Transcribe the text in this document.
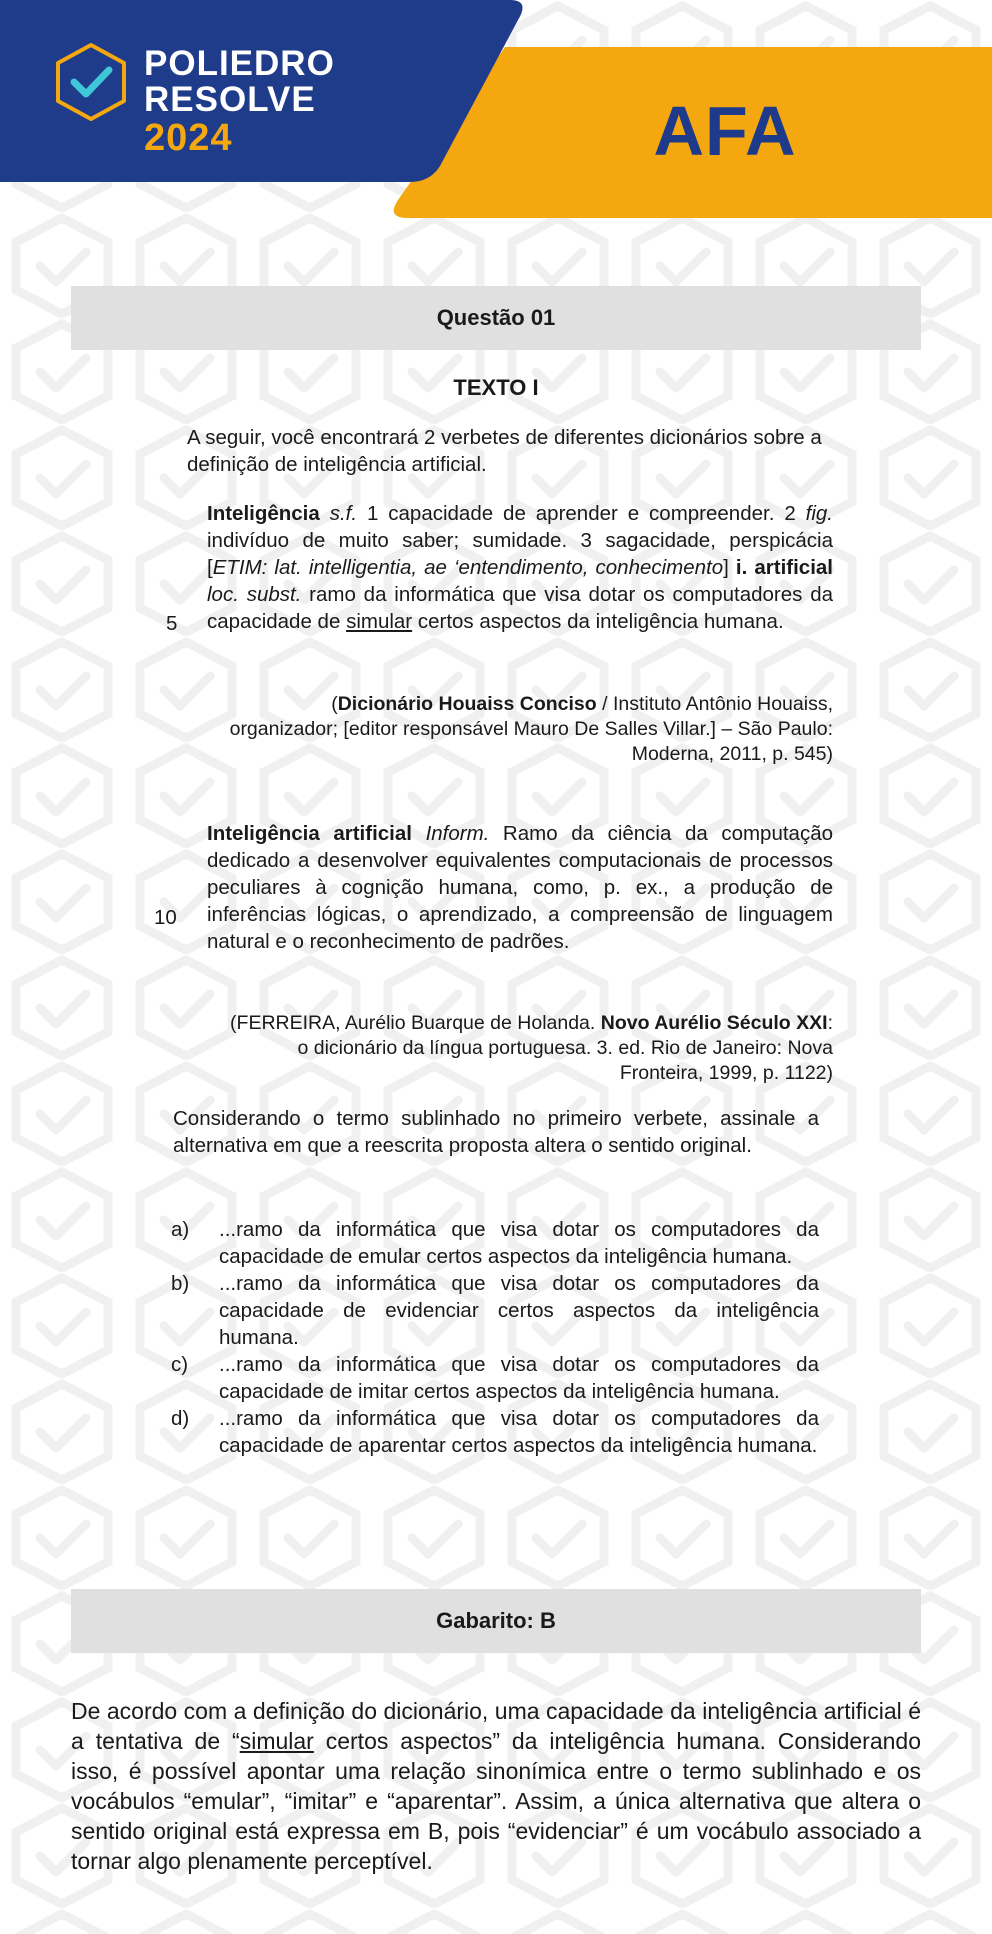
POLIEDRO
RESOLVE
2024	AFA
Questão 01
TEXTO I
A seguir, você encontrará 2 verbetes de diferentes dicionários sobre a definição de inteligência artificial.
Inteligência s.f. 1 capacidade de aprender e compreender. 2 fig. indivíduo de muito saber; sumidade. 3 sagacidade, perspicácia [ETIM: lat. intelligentia, ae ‘entendimento, conhecimento] i. artificial loc. subst. ramo da informática que visa dotar os computadores da capacidade de simular certos aspectos da inteligência humana.
5
(Dicionário Houaiss Conciso / Instituto Antônio Houaiss, organizador; [editor responsável Mauro De Salles Villar.] – São Paulo: Moderna, 2011, p. 545)
Inteligência artificial Inform. Ramo da ciência da computação dedicado a desenvolver equivalentes computacionais de processos peculiares à cognição humana, como, p. ex., a produção de inferências lógicas, o aprendizado, a compreensão de linguagem natural e o reconhecimento de padrões.
10
(FERREIRA, Aurélio Buarque de Holanda. Novo Aurélio Século XXI: o dicionário da língua portuguesa. 3. ed. Rio de Janeiro: Nova Fronteira, 1999, p. 1122)
Considerando o termo sublinhado no primeiro verbete, assinale a alternativa em que a reescrita proposta altera o sentido original.
a)	...ramo da informática que visa dotar os computadores da capacidade de emular certos aspectos da inteligência humana.
b)	...ramo da informática que visa dotar os computadores da capacidade de evidenciar certos aspectos da inteligência humana.
c)	...ramo da informática que visa dotar os computadores da capacidade de imitar certos aspectos da inteligência humana.
d)	...ramo da informática que visa dotar os computadores da capacidade de aparentar certos aspectos da inteligência humana.
Gabarito: B
De acordo com a definição do dicionário, uma capacidade da inteligência artificial é a tentativa de “simular certos aspectos” da inteligência humana. Considerando isso, é possível apontar uma relação sinonímica entre o termo sublinhado e os vocábulos “emular”, “imitar” e “aparentar”. Assim, a única alternativa que altera o sentido original está expressa em B, pois “evidenciar” é um vocábulo associado a tornar algo plenamente perceptível.
